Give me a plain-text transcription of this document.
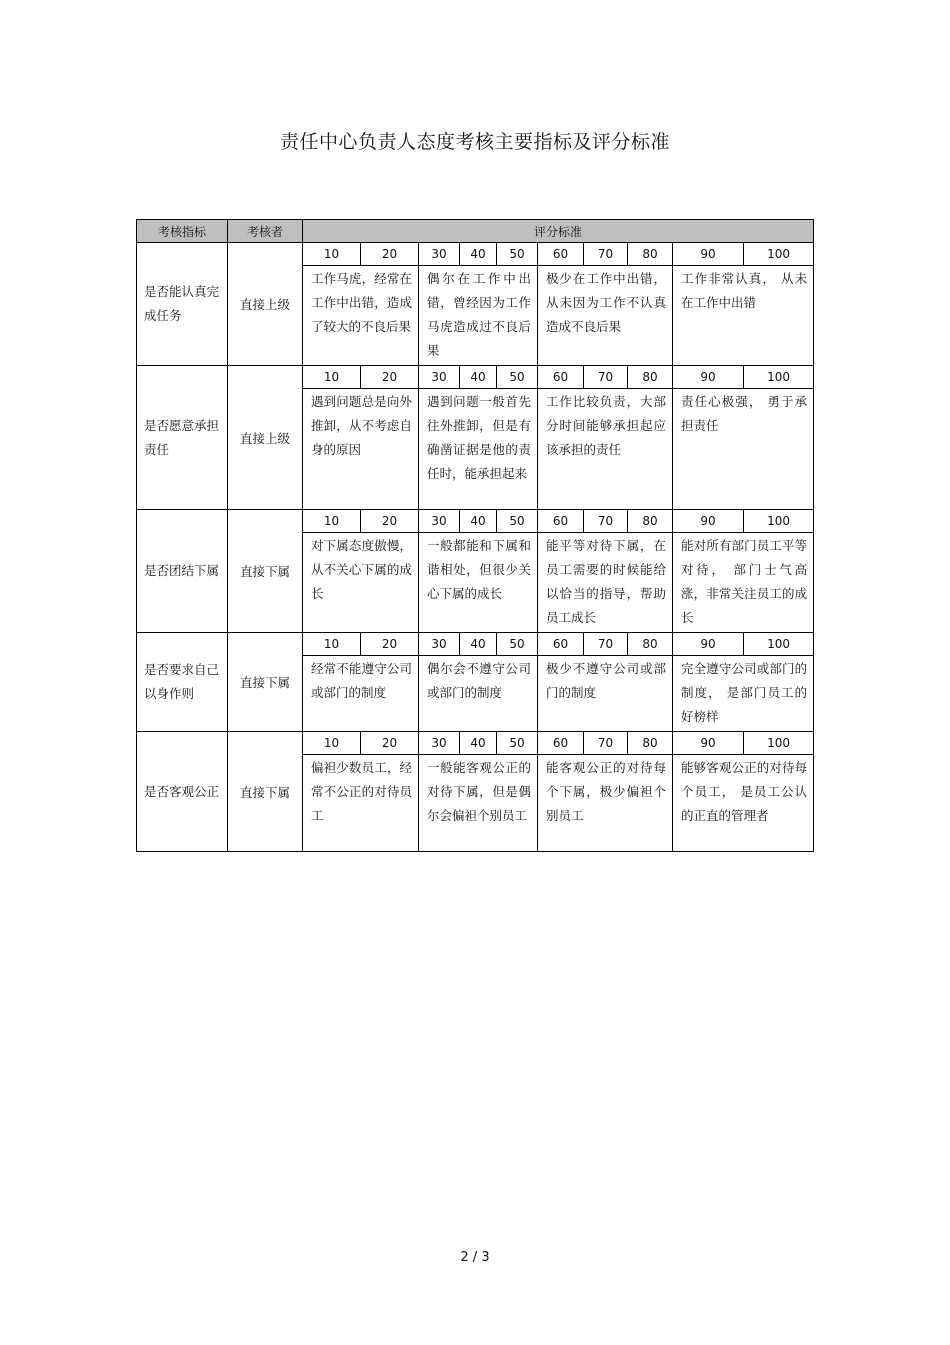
责任中心负责人态度考核主要指标及评分标准
考核指标	考核者	评分标准									
是否能认真完成任务	直接上级	10	20	30	40	50	60	70	80	90	100
		工作马虎，经常在工作中出错，造成了较大的不良后果		偶尔在工作中出错，曾经因为工作马虎造成过不良后果			极少在工作中出错，从未因为工作不认真造成不良后果			工作非常认真， 从未在工作中出错	
是否愿意承担责任	直接上级	10	20	30	40	50	60	70	80	90	100
		遇到问题总是向外推卸，从不考虑自身的原因		遇到问题一般首先往外推卸，但是有确凿证据是他的责任时，能承担起来			工作比较负责，大部分时间能够承担起应该承担的责任			责任心极强， 勇于承担责任	
是否团结下属	直接下属	10	20	30	40	50	60	70	80	90	100
		对下属态度傲慢，从不关心下属的成长		一般都能和下属和谐相处，但很少关心下属的成长			能平等对待下属，在员工需要的时候能给以恰当的指导，帮助员工成长			能对所有部门员工平等对待， 部门士气高涨，非常关注员工的成长	
是否要求自己以身作则	直接下属	10	20	30	40	50	60	70	80	90	100
		经常不能遵守公司或部门的制度		偶尔会不遵守公司或部门的制度			极少不遵守公司或部门的制度			完全遵守公司或部门的制度， 是部门员工的好榜样	
是否客观公正	直接下属	10	20	30	40	50	60	70	80	90	100
		偏袒少数员工，经常不公正的对待员工		一般能客观公正的对待下属，但是偶尔会偏袒个别员工			能客观公正的对待每个下属，极少偏袒个别员工			能够客观公正的对待每个员工， 是员工公认的正直的管理者	
2 / 3
